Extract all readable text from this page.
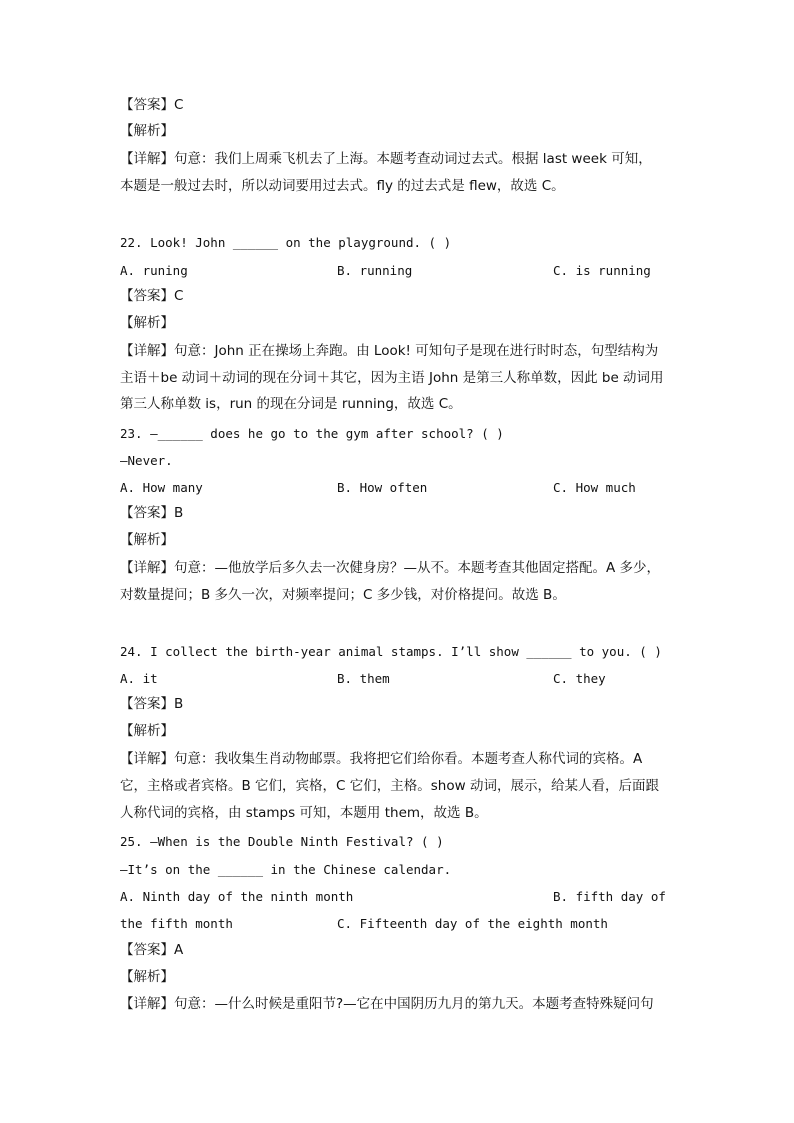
【答案】C
【解析】
【详解】句意：我们上周乘飞机去了上海。本题考查动词过去式。根据 last week 可知，
本题是一般过去时，所以动词要用过去式。fly 的过去式是 flew，故选 C。
22. Look! John ______ on the playground. ( )
A. runing	B. running	C. is running
【答案】C
【解析】
【详解】句意：John 正在操场上奔跑。由 Look! 可知句子是现在进行时时态，句型结构为
主语＋be 动词＋动词的现在分词＋其它，因为主语 John 是第三人称单数，因此 be 动词用
第三人称单数 is，run 的现在分词是 running，故选 C。
23. —______ does he go to the gym after school? ( )
—Never.
A. How many	B. How often	C. How much
【答案】B
【解析】
【详解】句意：—他放学后多久去一次健身房？—从不。本题考查其他固定搭配。A 多少，
对数量提问；B 多久一次，对频率提问；C 多少钱，对价格提问。故选 B。
24. I collect the birth-year animal stamps. I’ll show ______ to you. ( )
A. it	B. them	C. they
【答案】B
【解析】
【详解】句意：我收集生肖动物邮票。我将把它们给你看。本题考查人称代词的宾格。A
它，主格或者宾格。B 它们，宾格，C 它们，主格。show 动词，展示，给某人看，后面跟
人称代词的宾格，由 stamps 可知，本题用 them，故选 B。
25. —When is the Double Ninth Festival? ( )
—It’s on the ______ in the Chinese calendar.
A. Ninth day of the ninth month	B. fifth day of
the fifth month	C. Fifteenth day of the eighth month
【答案】A
【解析】
【详解】句意：—什么时候是重阳节?—它在中国阴历九月的第九天。本题考查特殊疑问句
